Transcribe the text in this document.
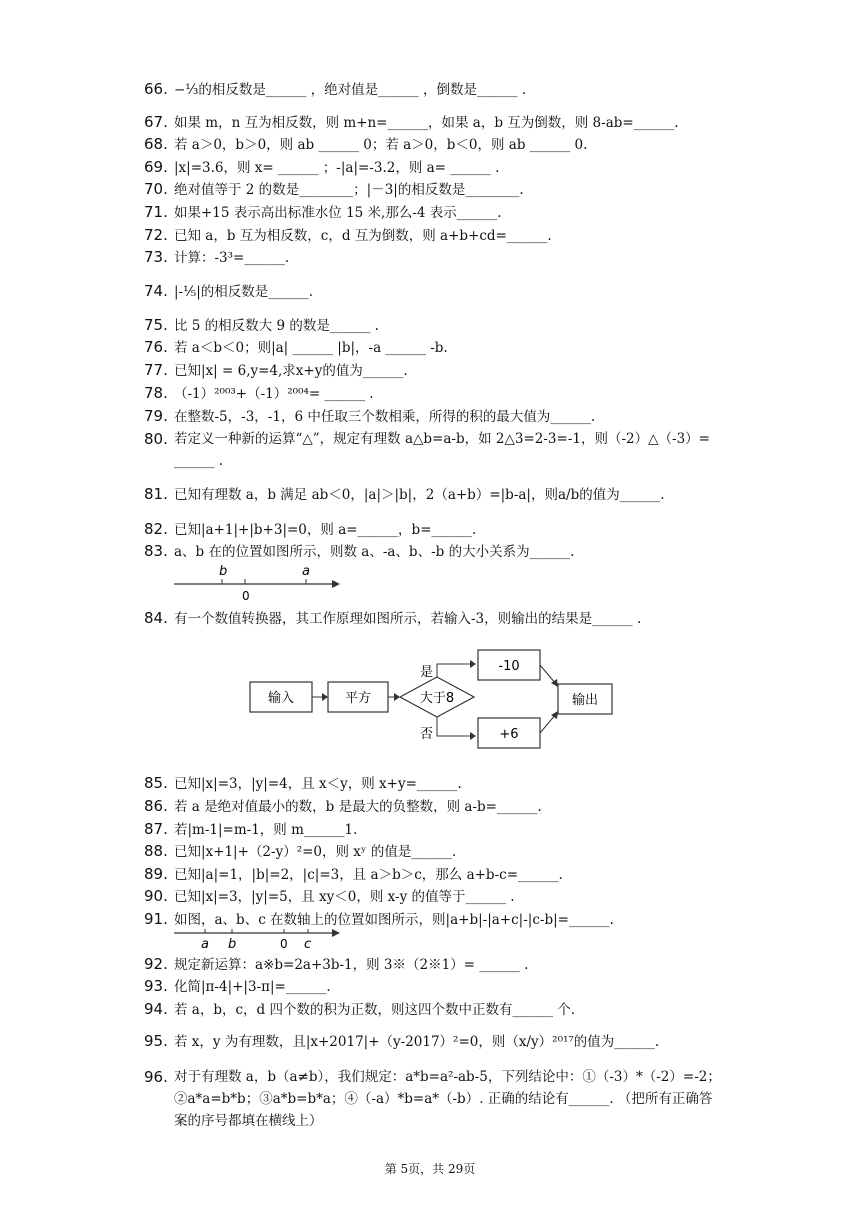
66. −⅓的相反数是______ ，绝对值是______ ，倒数是______ .
67. 如果 m，n 互为相反数，则 m+n=______，如果 a，b 互为倒数，则 8-ab=______.
68. 若 a＞0，b＞0，则 ab ______ 0；若 a＞0，b＜0，则 ab ______ 0.
69. |x|=3.6，则 x= ______ ；-|a|=-3.2，则 a= ______ .
70. 绝对值等于 2 的数是________；|－3|的相反数是________.
71. 如果+15 表示高出标准水位 15 米,那么-4 表示______.
72. 已知 a，b 互为相反数，c，d 互为倒数，则 a+b+cd=______.
73. 计算：-3³=______.
74. |-⅕|的相反数是______.
75. 比 5 的相反数大 9 的数是______ .
76. 若 a＜b＜0；则|a| ______ |b|，-a ______ -b.
77. 已知|x| = 6,y=4,求x+y的值为______.
78. （-1）²⁰⁰³+（-1）²⁰⁰⁴= ______ .
79. 在整数-5，-3，-1，6 中任取三个数相乘，所得的积的最大值为______.
80. 若定义一种新的运算“△”，规定有理数 a△b=a-b，如 2△3=2-3=-1，则（-2）△（-3）= ______ .
81. 已知有理数 a，b 满足 ab＜0，|a|＞|b|，2（a+b）=|b-a|，则a/b的值为______.
82. 已知|a+1|+|b+3|=0，则 a=______，b=______.
83. a、b 在的位置如图所示，则数 a、-a、b、-b 的大小关系为______.
b
0
a
84. 有一个数值转换器，其工作原理如图所示，若输入-3，则输出的结果是______ .
输入	平方	大于8
是
否
-10
+6
输出
85. 已知|x|=3，|y|=4，且 x＜y，则 x+y=______.
86. 若 a 是绝对值最小的数，b 是最大的负整数，则 a-b=______.
87. 若|m-1|=m-1，则 m______1.
88. 已知|x+1|+（2-y）²=0，则 xʸ 的值是______.
89. 已知|a|=1，|b|=2，|c|=3，且 a＞b＞c，那么 a+b-c=______.
90. 已知|x|=3，|y|=5，且 xy＜0，则 x-y 的值等于______ .
91. 如图，a、b、c 在数轴上的位置如图所示，则|a+b|-|a+c|-|c-b|=______.
a b	0 c
92. 规定新运算：a※b=2a+3b-1，则 3※（2※1）= ______ .
93. 化简|π-4|+|3-π|=______.
94. 若 a，b，c，d 四个数的积为正数，则这四个数中正数有______ 个.
95. 若 x，y 为有理数，且|x+2017|+（y-2017）²=0，则（x/y）²⁰¹⁷的值为______.
96. 对于有理数 a，b（a≠b），我们规定：a*b=a²-ab-5，下列结论中：①（-3）*（-2）=-2；②a*a=b*b；③a*b=b*a；④（-a）*b=a*（-b）. 正确的结论有______. （把所有正确答案的序号都填在横线上）
第 5页，共 29页
